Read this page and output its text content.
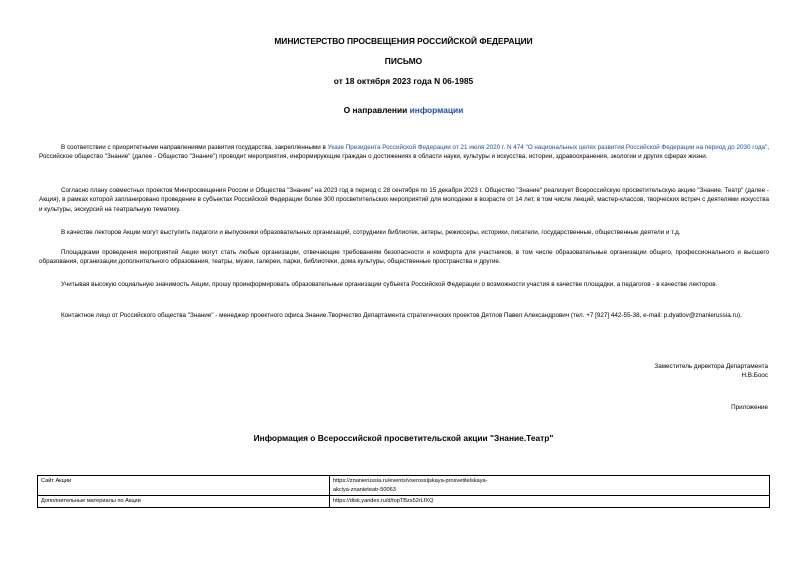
МИНИСТЕРСТВО ПРОСВЕЩЕНИЯ РОССИЙСКОЙ ФЕДЕРАЦИИ
ПИСЬМО
от 18 октября 2023 года N 06-1985
О направлении информации

В соответствии с приоритетными направлениями развития государства, закрепленными в Указе Президента Российской Федерации от 21 июля 2020 г. N 474 "О национальных целях развития Российской Федерации на период до 2030 года", Российское общество "Знание" (далее - Общество "Знание") проводит мероприятия, информирующие граждан о достижениях в области науки, культуры и искусства, истории, здравоохранения, экологии и других сферах жизни.

Согласно плану совместных проектов Минпросвещения России и Общества "Знание" на 2023 год в период с 28 сентября по 15 декабря 2023 г. Общество "Знание" реализует Всероссийскую просветительскую акцию "Знание. Театр" (далее - Акция), в рамках которой запланировано проведение в субъектах Российской Федерации более 300 просветительских мероприятий для молодежи в возрасте от 14 лет, в том числе лекций, мастер-классов, творческих встреч с деятелями искусства и культуры, экскурсий на театральную тематику.

В качестве лекторов Акции могут выступить педагоги и выпускники образовательных организаций, сотрудники библиотек, актеры, режиссеры, историки, писатели, государственные, общественные деятели и т.д.

Площадками проведения мероприятий Акции могут стать любые организации, отвечающие требованиям безопасности и комфорта для участников, в том числе образовательные организации общего, профессионального и высшего образования, организации дополнительного образования, театры, музеи, галереи, парки, библиотеки, дома культуры, общественные пространства и другие.

Учитывая высокую социальную значимость Акции, прошу проинформировать образовательные организации субъекта Российской Федерации о возможности участия в качестве площадки, а педагогов - в качестве лекторов.

Контактное лицо от Российского общества "Знание" - менеджер проектного офиса Знание.Творчество Департамента стратегических проектов Дятлов Павел Александрович (тел. +7 [927] 442-55-38, e-mail: p.dyatlov@znanierussia.ru).

Заместитель директора Департамента
Н.В.Боос
Приложение
Информация о Всероссийской просветительской акции "Знание.Театр"
Сайт Акции	https://znanierussia.ru/events/vserossijskaya-prosvetitelskaya-
akciya-znanieteatr-50063

Дополнительные материалы по Акции	https://disk.yandex.ru/d/topTBzs52rLfXQ
